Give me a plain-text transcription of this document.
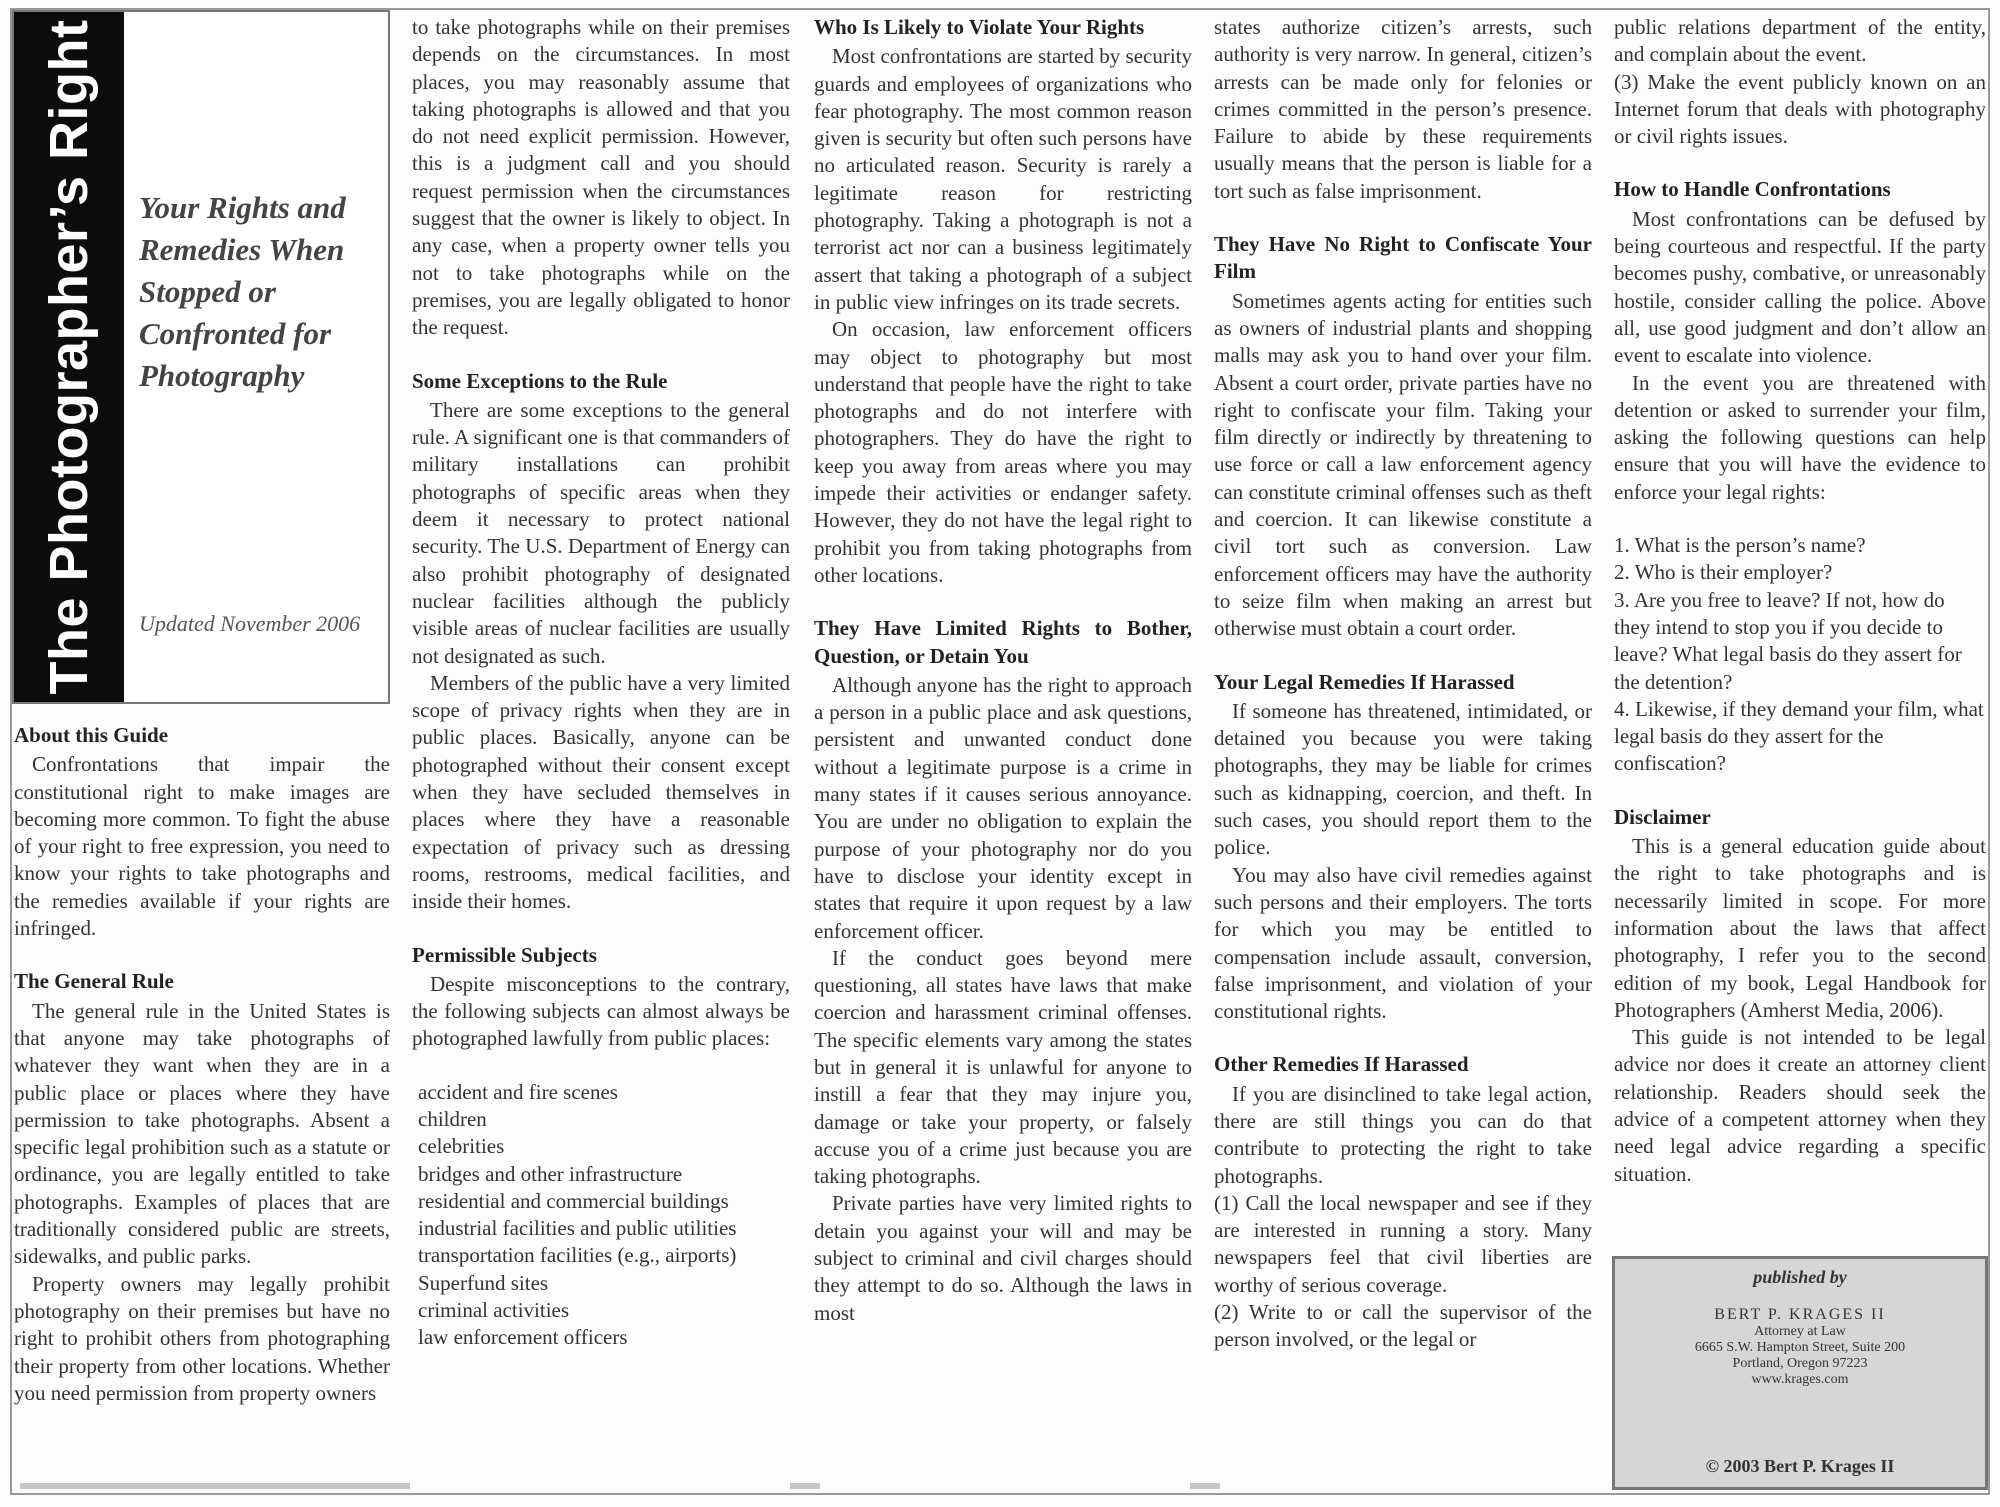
The Photographer’s Right Your Rights and Remedies When Stopped or Confronted for Photography
Updated November 2006
About this Guide

Confrontations that impair the constitutional right to make images are becoming more common. To fight the abuse of your right to free expression, you need to know your rights to take photographs and the remedies available if your rights are infringed.

The General Rule

The general rule in the United States is that anyone may take photographs of whatever they want when they are in a public place or places where they have permission to take photographs. Absent a specific legal prohibition such as a statute or ordinance, you are legally entitled to take photographs. Examples of places that are traditionally considered public are streets, sidewalks, and public parks.

Property owners may legally prohibit photography on their premises but have no right to prohibit others from photographing their property from other locations. Whether you need permission from property owners

to take photographs while on their premises depends on the circumstances. In most places, you may reasonably assume that taking photographs is allowed and that you do not need explicit permission. However, this is a judgment call and you should request permission when the circumstances suggest that the owner is likely to object. In any case, when a property owner tells you not to take photographs while on the premises, you are legally obligated to honor the request.

Some Exceptions to the Rule

There are some exceptions to the general rule. A significant one is that commanders of military installations can prohibit photographs of specific areas when they deem it necessary to protect national security. The U.S. Department of Energy can also prohibit photography of designated nuclear facilities although the publicly visible areas of nuclear facilities are usually not designated as such.

Members of the public have a very limited scope of privacy rights when they are in public places. Basically, anyone can be photographed without their consent except when they have secluded themselves in places where they have a reasonable expectation of privacy such as dressing rooms, restrooms, medical facilities, and inside their homes.

Permissible Subjects

Despite misconceptions to the contrary, the following subjects can almost always be photographed lawfully from public places:

accident and fire scenes
children
celebrities
bridges and other infrastructure
residential and commercial buildings
industrial facilities and public utilities
transportation facilities (e.g., airports)
Superfund sites
criminal activities
law enforcement officers
Who Is Likely to Violate Your Rights

Most confrontations are started by security guards and employees of organizations who fear photography. The most common reason given is security but often such persons have no articulated reason. Security is rarely a legitimate reason for restricting photography. Taking a photograph is not a terrorist act nor can a business legitimately assert that taking a photograph of a subject in public view infringes on its trade secrets.

On occasion, law enforcement officers may object to photography but most understand that people have the right to take photographs and do not interfere with photographers. They do have the right to keep you away from areas where you may impede their activities or endanger safety. However, they do not have the legal right to prohibit you from taking photographs from other locations.

They Have Limited Rights to Bother, Question, or Detain You

Although anyone has the right to approach a person in a public place and ask questions, persistent and unwanted conduct done without a legitimate purpose is a crime in many states if it causes serious annoyance. You are under no obligation to explain the purpose of your photography nor do you have to disclose your identity except in states that require it upon request by a law enforcement officer.

If the conduct goes beyond mere questioning, all states have laws that make coercion and harassment criminal offenses. The specific elements vary among the states but in general it is unlawful for anyone to instill a fear that they may injure you, damage or take your property, or falsely accuse you of a crime just because you are taking photographs.

Private parties have very limited rights to detain you against your will and may be subject to criminal and civil charges should they attempt to do so. Although the laws in most

states authorize citizen’s arrests, such authority is very narrow. In general, citizen’s arrests can be made only for felonies or crimes committed in the person’s presence. Failure to abide by these requirements usually means that the person is liable for a tort such as false imprisonment.

They Have No Right to Confiscate Your Film

Sometimes agents acting for entities such as owners of industrial plants and shopping malls may ask you to hand over your film. Absent a court order, private parties have no right to confiscate your film. Taking your film directly or indirectly by threatening to use force or call a law enforcement agency can constitute criminal offenses such as theft and coercion. It can likewise constitute a civil tort such as conversion. Law enforcement officers may have the authority to seize film when making an arrest but otherwise must obtain a court order.

Your Legal Remedies If Harassed

If someone has threatened, intimidated, or detained you because you were taking photographs, they may be liable for crimes such as kidnapping, coercion, and theft. In such cases, you should report them to the police.

You may also have civil remedies against such persons and their employers. The torts for which you may be entitled to compensation include assault, conversion, false imprisonment, and violation of your constitutional rights.

Other Remedies If Harassed

If you are disinclined to take legal action, there are still things you can do that contribute to protecting the right to take photographs.

(1) Call the local newspaper and see if they are interested in running a story. Many newspapers feel that civil liberties are worthy of serious coverage.

(2) Write to or call the supervisor of the person involved, or the legal or

public relations department of the entity, and complain about the event.

(3) Make the event publicly known on an Internet forum that deals with photography or civil rights issues.

How to Handle Confrontations

Most confrontations can be defused by being courteous and respectful. If the party becomes pushy, combative, or unreasonably hostile, consider calling the police. Above all, use good judgment and don’t allow an event to escalate into violence.

In the event you are threatened with detention or asked to surrender your film, asking the following questions can help ensure that you will have the evidence to enforce your legal rights:

1. What is the person’s name?
2. Who is their employer?
3. Are you free to leave? If not, how do they intend to stop you if you decide to leave? What legal basis do they assert for the detention?
4. Likewise, if they demand your film, what legal basis do they assert for the confiscation?
Disclaimer

This is a general education guide about the right to take photographs and is necessarily limited in scope. For more information about the laws that affect photography, I refer you to the second edition of my book, Legal Handbook for Photographers (Amherst Media, 2006).

This guide is not intended to be legal advice nor does it create an attorney client relationship. Readers should seek the advice of a competent attorney when they need legal advice regarding a specific situation.

published by
BERT P. KRAGES II
Attorney at Law
6665 S.W. Hampton Street, Suite 200
Portland, Oregon 97223
www.krages.com
© 2003 Bert P. Krages II
